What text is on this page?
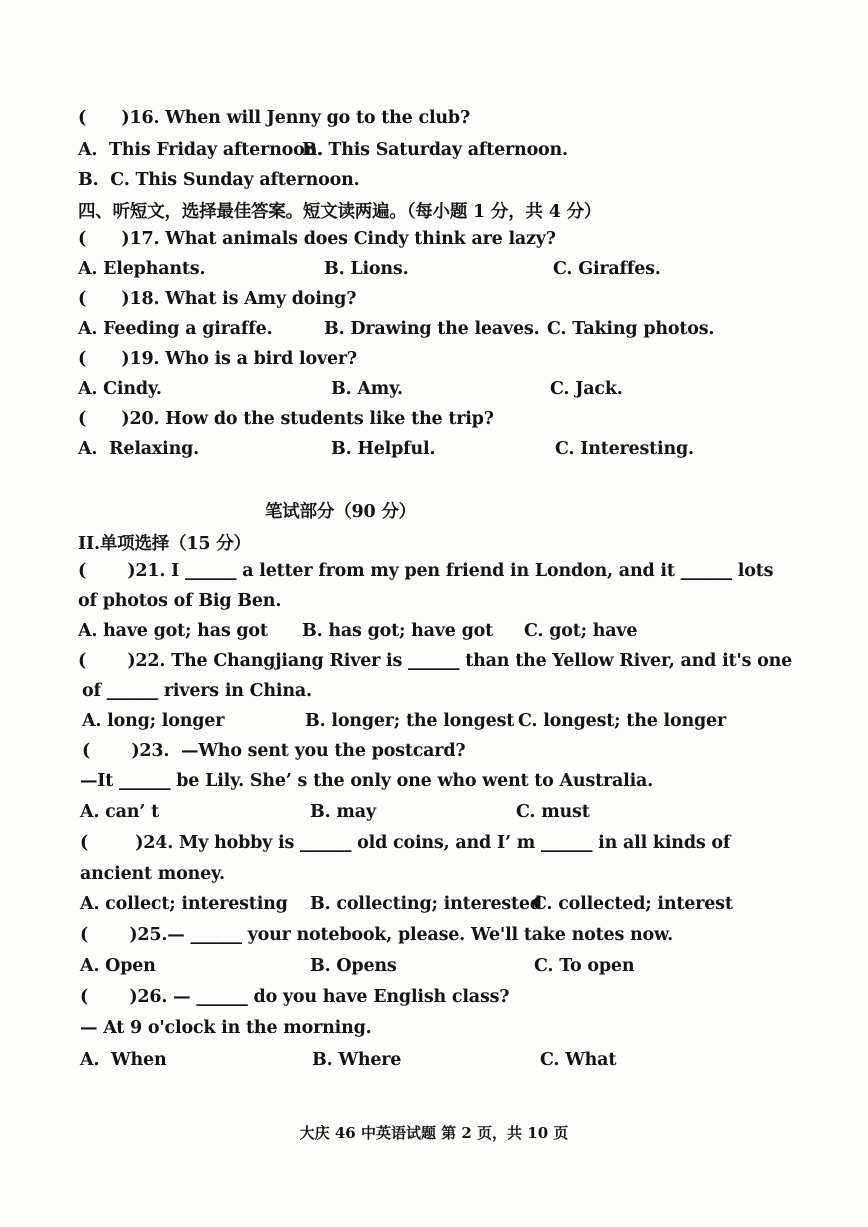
(      )16. When will Jenny go to the club?
A.  This Friday afternoon.
B. This Saturday afternoon.
B.  C. This Sunday afternoon.
四、听短文，选择最佳答案。短文读两遍。（每小题 1 分，共 4 分）
(      )17. What animals does Cindy think are lazy?
A. Elephants.	B. Lions.	C. Giraffes.
(      )18. What is Amy doing?
A. Feeding a giraffe.	B. Drawing the leaves. C. Taking photos.
(      )19. Who is a bird lover?
A. Cindy.	B. Amy.	C. Jack.
(      )20. How do the students like the trip?
A.  Relaxing.	B. Helpful.	C. Interesting.
笔试部分（90 分）
II.单项选择（15 分）
(       )21. I ______ a letter from my pen friend in London, and it ______ lots
of photos of Big Ben.
A. have got; has got B. has got; have got C. got; have
(       )22. The Changjiang River is ______ than the Yellow River, and it's one
of ______ rivers in China.
A. long; longer	B. longer; the longest C. longest; the longer
(       )23.  —Who sent you the postcard?
—It ______ be Lily. She’ s the only one who went to Australia.
A. can’ t	B. may	C. must
(        )24. My hobby is ______ old coins, and I’ m ______ in all kinds of
ancient money.
A. collect; interesting B. collecting; interested
C. collected; interest
(       )25.— ______ your notebook, please. We'll take notes now.
A. Open	B. Opens	C. To open
(       )26. — ______ do you have English class?
— At 9 o'clock in the morning.
A.  When	B. Where	C. What
大庆 46 中英语试题 第 2 页，共 10 页
